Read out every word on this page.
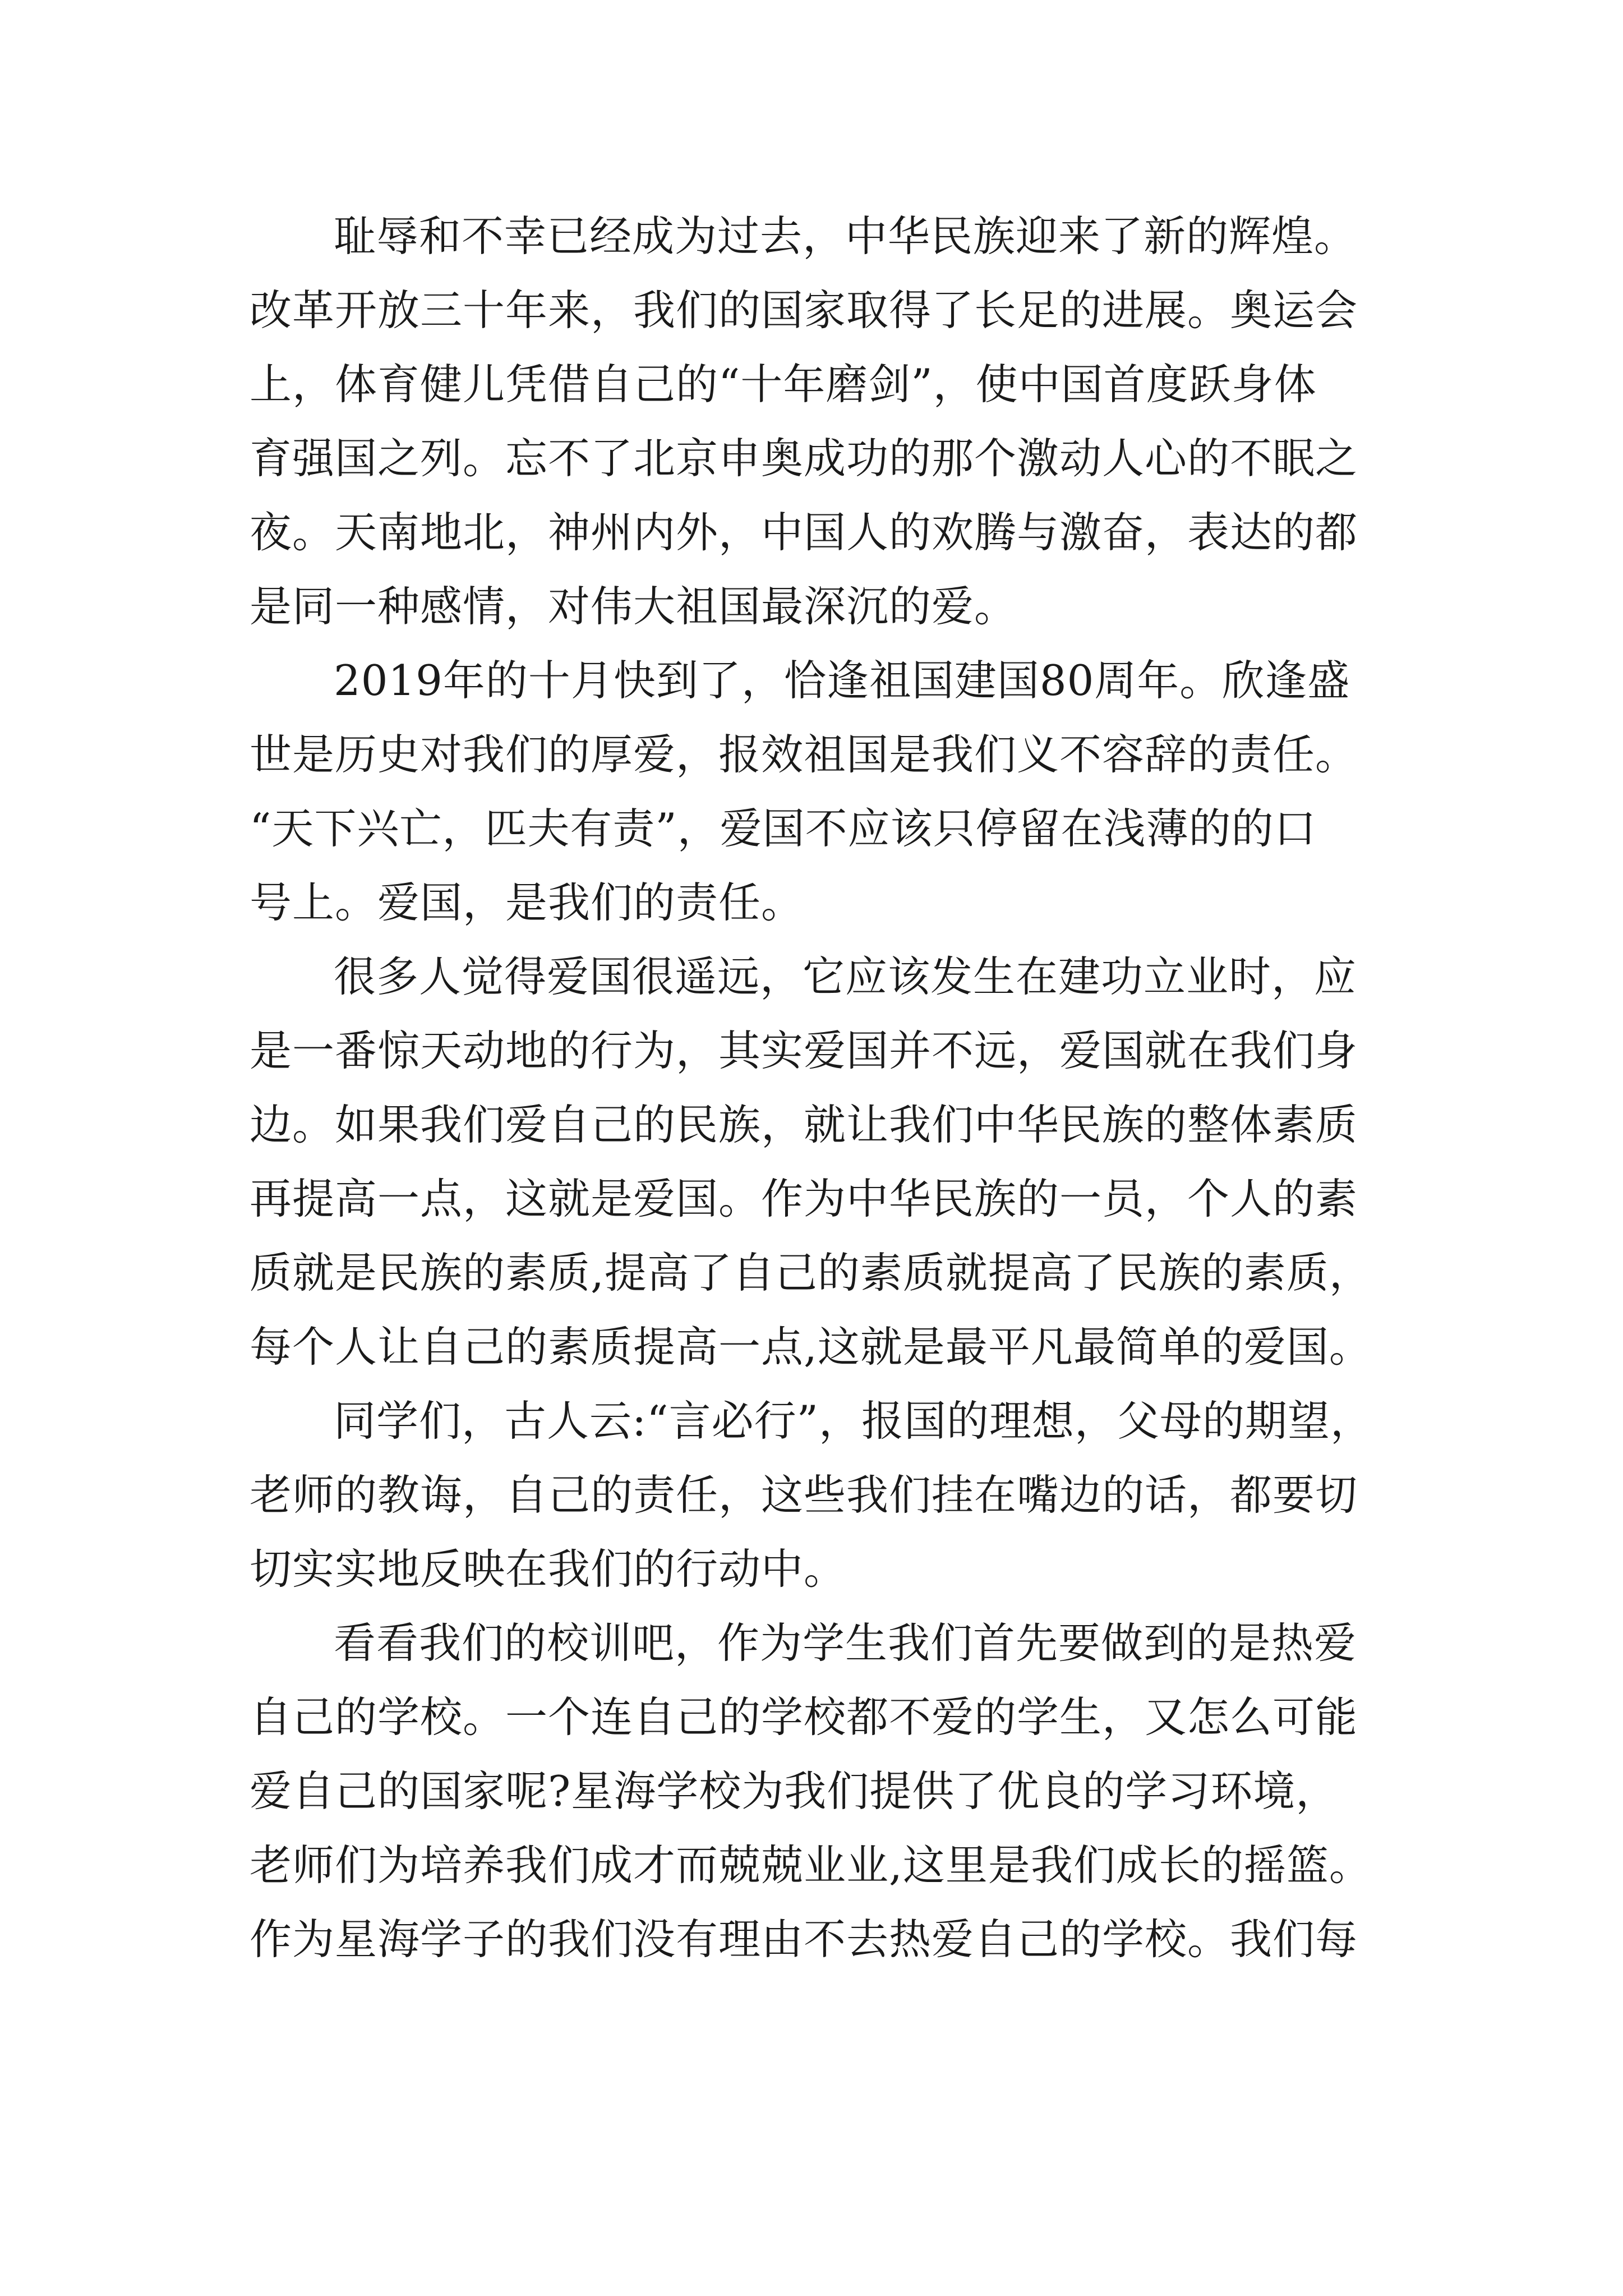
耻辱和不幸已经成为过去，中华民族迎来了新的辉煌。
改革开放三十年来，我们的国家取得了长足的进展。奥运会
上，体育健儿凭借自己的“十年磨剑”，使中国首度跃身体
育强国之列。忘不了北京申奥成功的那个激动人心的不眠之
夜。天南地北，神州内外，中国人的欢腾与激奋，表达的都
是同一种感情，对伟大祖国最深沉的爱。
2019年的十月快到了，恰逢祖国建国80周年。欣逢盛
世是历史对我们的厚爱，报效祖国是我们义不容辞的责任。
“天下兴亡，匹夫有责”，爱国不应该只停留在浅薄的的口
号上。爱国，是我们的责任。
很多人觉得爱国很遥远，它应该发生在建功立业时，应
是一番惊天动地的行为，其实爱国并不远，爱国就在我们身
边。如果我们爱自己的民族，就让我们中华民族的整体素质
再提高一点，这就是爱国。作为中华民族的一员，个人的素
质就是民族的素质,提高了自己的素质就提高了民族的素质，
每个人让自己的素质提高一点,这就是最平凡最简单的爱国。
同学们，古人云:“言必行”，报国的理想，父母的期望，
老师的教诲，自己的责任，这些我们挂在嘴边的话，都要切
切实实地反映在我们的行动中。
看看我们的校训吧，作为学生我们首先要做到的是热爱
自己的学校。一个连自己的学校都不爱的学生，又怎么可能
爱自己的国家呢?星海学校为我们提供了优良的学习环境，
老师们为培养我们成才而兢兢业业,这里是我们成长的摇篮。
作为星海学子的我们没有理由不去热爱自己的学校。我们每
